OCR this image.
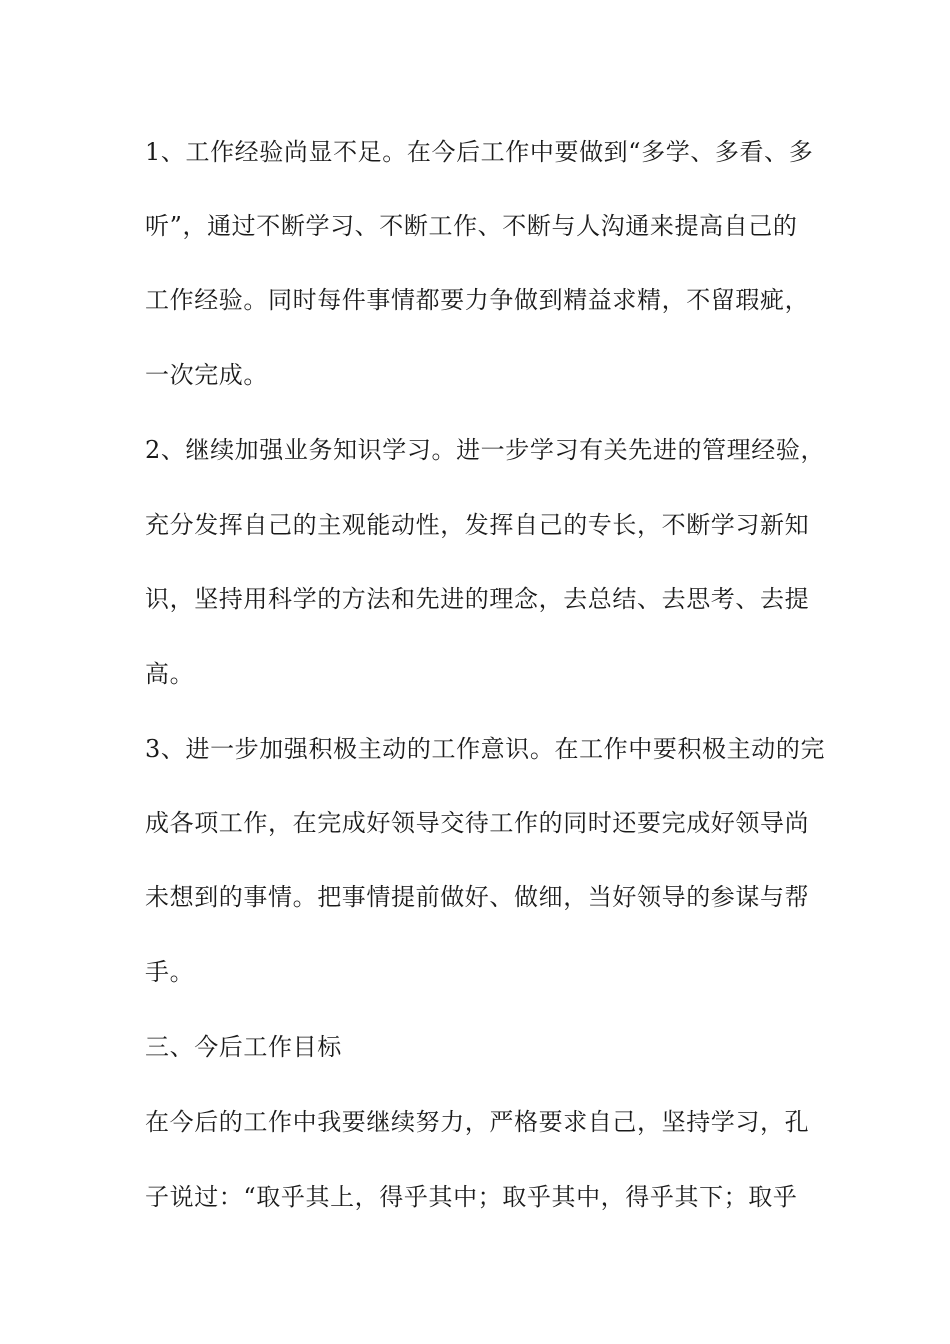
1、工作经验尚显不足。在今后工作中要做到“多学、多看、多
听”，通过不断学习、不断工作、不断与人沟通来提高自己的
工作经验。同时每件事情都要力争做到精益求精，不留瑕疵，
一次完成。
2、继续加强业务知识学习。进一步学习有关先进的管理经验，
充分发挥自己的主观能动性，发挥自己的专长，不断学习新知
识，坚持用科学的方法和先进的理念，去总结、去思考、去提
高。
3、进一步加强积极主动的工作意识。在工作中要积极主动的完
成各项工作，在完成好领导交待工作的同时还要完成好领导尚
未想到的事情。把事情提前做好、做细，当好领导的参谋与帮
手。
三、今后工作目标
在今后的工作中我要继续努力，严格要求自己，坚持学习，孔
子说过：“取乎其上，得乎其中；取乎其中，得乎其下；取乎
